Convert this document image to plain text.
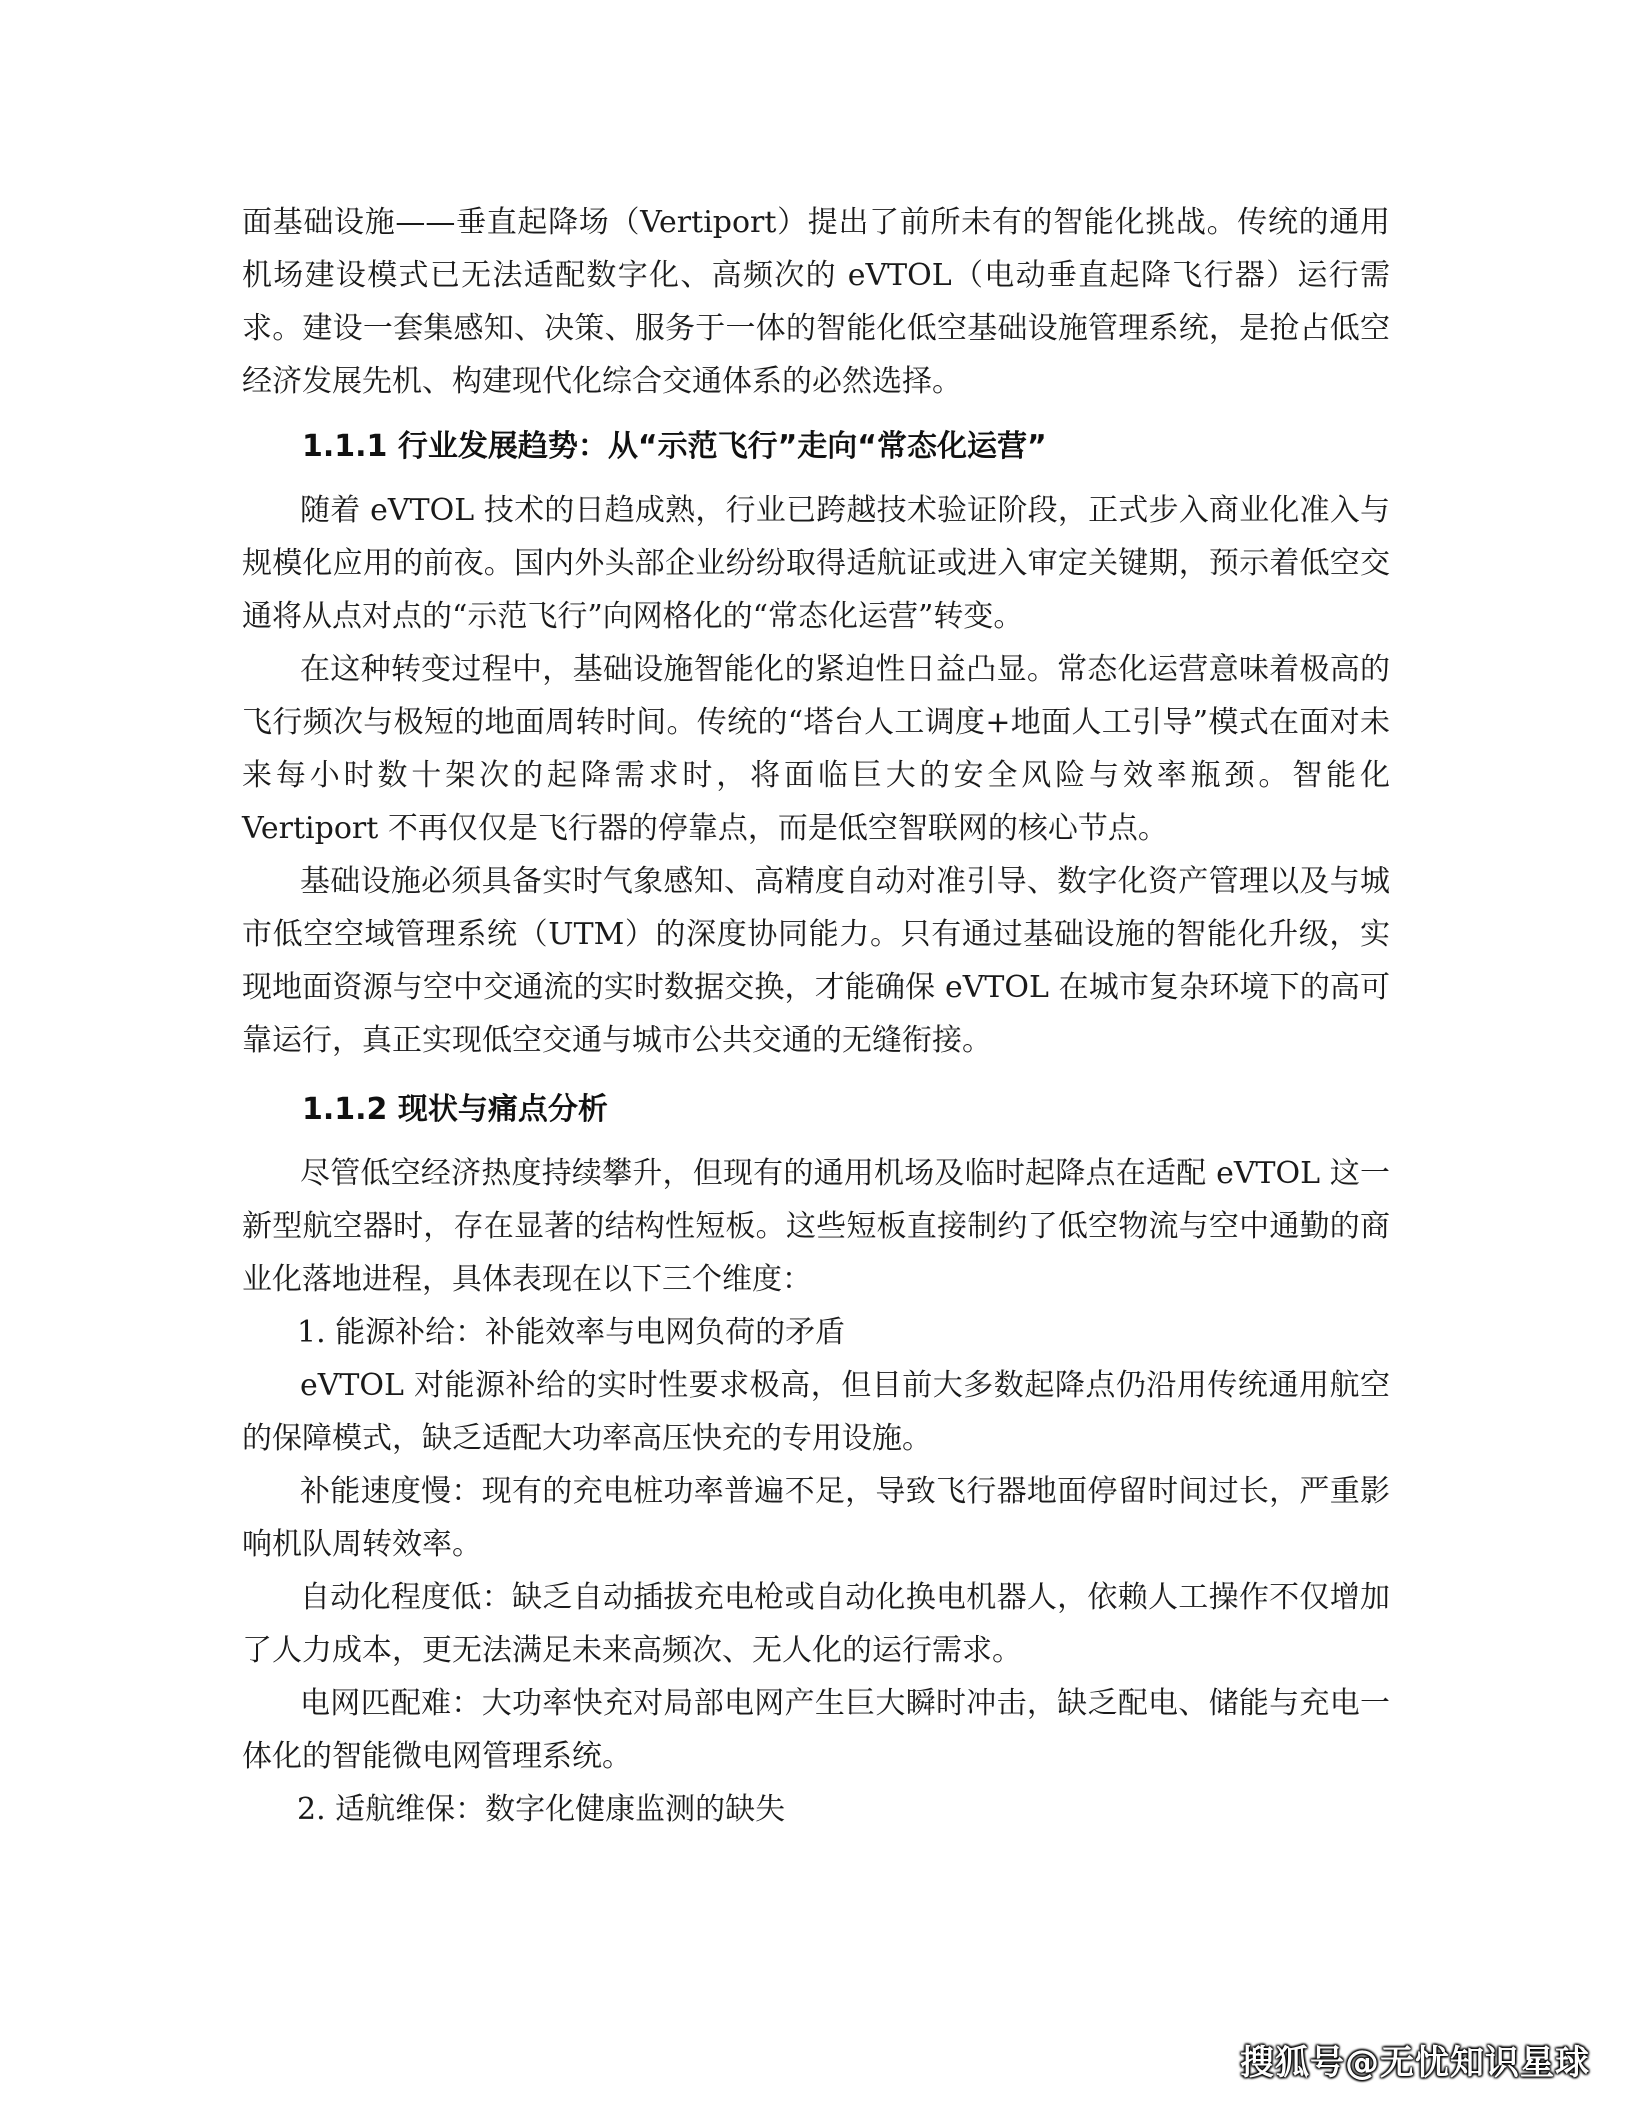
面基础设施——垂直起降场（Vertiport）提出了前所未有的智能化挑战。传统的通用机场建设模式已无法适配数字化、高频次的 eVTOL（电动垂直起降飞行器）运行需求。建设一套集感知、决策、服务于一体的智能化低空基础设施管理系统，是抢占低空经济发展先机、构建现代化综合交通体系的必然选择。

1.1.1 行业发展趋势：从“示范飞行”走向“常态化运营”

随着 eVTOL 技术的日趋成熟，行业已跨越技术验证阶段，正式步入商业化准入与规模化应用的前夜。国内外头部企业纷纷取得适航证或进入审定关键期，预示着低空交通将从点对点的“示范飞行”向网格化的“常态化运营”转变。

在这种转变过程中，基础设施智能化的紧迫性日益凸显。常态化运营意味着极高的飞行频次与极短的地面周转时间。传统的“塔台人工调度+地面人工引导”模式在面对未来每小时数十架次的起降需求时，将面临巨大的安全风险与效率瓶颈。智能化 Vertiport 不再仅仅是飞行器的停靠点，而是低空智联网的核心节点。

基础设施必须具备实时气象感知、高精度自动对准引导、数字化资产管理以及与城市低空空域管理系统（UTM）的深度协同能力。只有通过基础设施的智能化升级，实现地面资源与空中交通流的实时数据交换，才能确保 eVTOL 在城市复杂环境下的高可靠运行，真正实现低空交通与城市公共交通的无缝衔接。

1.1.2 现状与痛点分析

尽管低空经济热度持续攀升，但现有的通用机场及临时起降点在适配 eVTOL 这一新型航空器时，存在显著的结构性短板。这些短板直接制约了低空物流与空中通勤的商业化落地进程，具体表现在以下三个维度：

1. 能源补给：补能效率与电网负荷的矛盾

eVTOL 对能源补给的实时性要求极高，但目前大多数起降点仍沿用传统通用航空的保障模式，缺乏适配大功率高压快充的专用设施。

补能速度慢：现有的充电桩功率普遍不足，导致飞行器地面停留时间过长，严重影响机队周转效率。

自动化程度低：缺乏自动插拔充电枪或自动化换电机器人，依赖人工操作不仅增加了人力成本，更无法满足未来高频次、无人化的运行需求。

电网匹配难：大功率快充对局部电网产生巨大瞬时冲击，缺乏配电、储能与充电一体化的智能微电网管理系统。

2. 适航维保：数字化健康监测的缺失

搜狐号@无忧知识星球
